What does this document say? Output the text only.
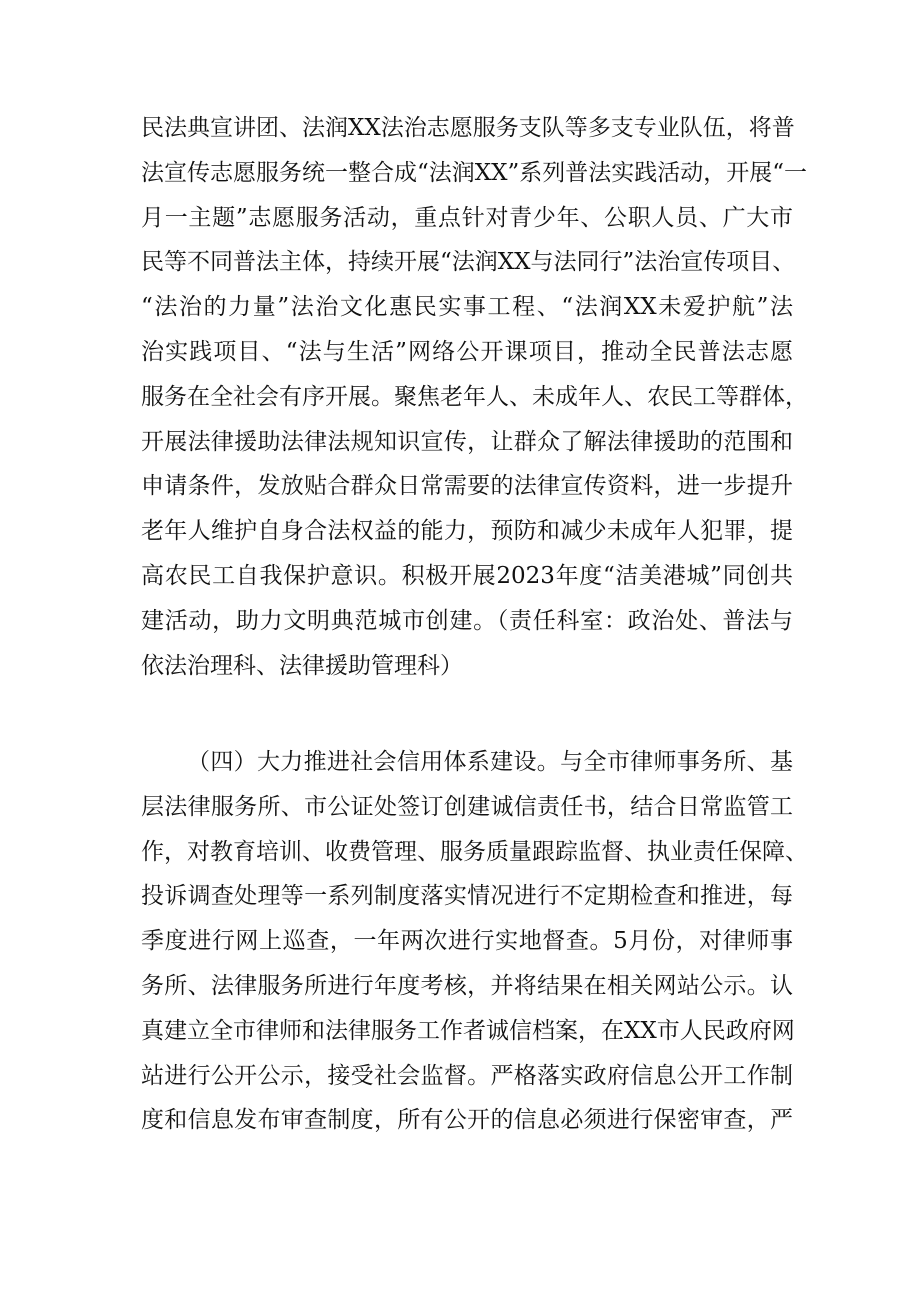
民法典宣讲团、法润XX法治志愿服务支队等多支专业队伍，将普
法宣传志愿服务统一整合成“法润XX”系列普法实践活动，开展“一
月一主题”志愿服务活动，重点针对青少年、公职人员、广大市
民等不同普法主体，持续开展“法润XX与法同行”法治宣传项目、
“法治的力量”法治文化惠民实事工程、“法润XX未爱护航”法
治实践项目、“法与生活”网络公开课项目，推动全民普法志愿
服务在全社会有序开展。聚焦老年人、未成年人、农民工等群体，
开展法律援助法律法规知识宣传，让群众了解法律援助的范围和
申请条件，发放贴合群众日常需要的法律宣传资料，进一步提升
老年人维护自身合法权益的能力，预防和减少未成年人犯罪，提
高农民工自我保护意识。积极开展2023年度“洁美港城”同创共
建活动，助力文明典范城市创建。（责任科室：政治处、普法与
依法治理科、法律援助管理科）
（四）大力推进社会信用体系建设。与全市律师事务所、基
层法律服务所、市公证处签订创建诚信责任书，结合日常监管工
作，对教育培训、收费管理、服务质量跟踪监督、执业责任保障、
投诉调查处理等一系列制度落实情况进行不定期检查和推进，每
季度进行网上巡查，一年两次进行实地督查。5月份，对律师事
务所、法律服务所进行年度考核，并将结果在相关网站公示。认
真建立全市律师和法律服务工作者诚信档案，在XX市人民政府网
站进行公开公示，接受社会监督。严格落实政府信息公开工作制
度和信息发布审查制度，所有公开的信息必须进行保密审查，严
